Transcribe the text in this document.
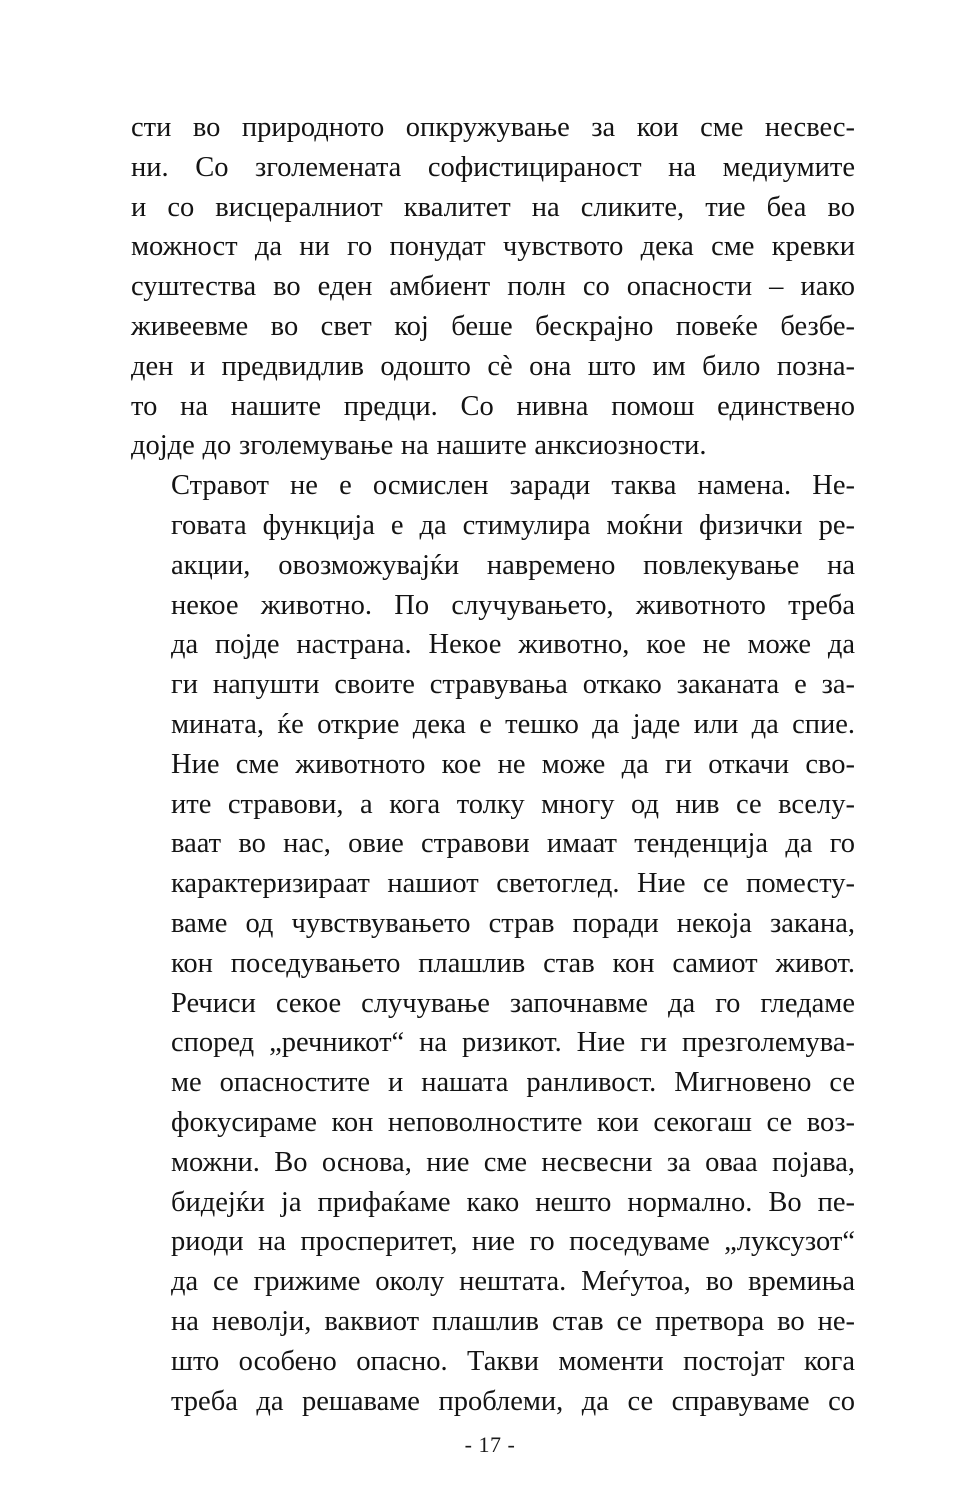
сти во природното опкружување за кои сме несвес-
ни. Со зголемената софистицираност на медиумите
и со висцералниот квалитет на сликите, тие беа во
можност да ни го понудат чувството дека сме кревки
суштества во еден амбиент полн со опасности – иако
живеевме во свет кој беше бескрајно повеќе безбе-
ден и предвидлив одошто сѐ она што им било позна-
то на нашите предци. Со нивна помош единствено
дојде до зголемување на нашите анксиозности.

Стравот не е осмислен заради таква намена. Не-
говата функција е да стимулира моќни физички ре-
акции, овозможувајќи навремено повлекување на
некое животно. По случувањето, животното треба
да појде настрана. Некое животно, кое не може да
ги напушти своите стравувања откако заканата е за-
мината, ќе открие дека е тешко да јаде или да спие.
Ние сме животното кое не може да ги откачи сво-
ите стравови, а кога толку многу од нив се вселу-
ваат во нас, овие стравови имаат тенденција да го
карактеризираат нашиот светоглед. Ние се поместу-
ваме од чувствувањето страв поради некоја закана,
кон поседувањето плашлив став кон самиот живот.
Речиси секое случување започнавме да го гледаме
според „речникот“ на ризикот. Ние ги презголемува-
ме опасностите и нашата ранливост. Мигновено се
фокусираме кон неповолностите кои секогаш се воз-
можни. Во основа, ние сме несвесни за оваа појава,
бидејќи ја прифаќаме како нешто нормално. Во пе-
риоди на просперитет, ние го поседуваме „луксузот“
да се грижиме околу нештата. Меѓутоа, во времиња
на неволји, ваквиот плашлив став се претвора во не-
што особено опасно. Такви моменти постојат кога
треба да решаваме проблеми, да се справуваме со

- 17 -
